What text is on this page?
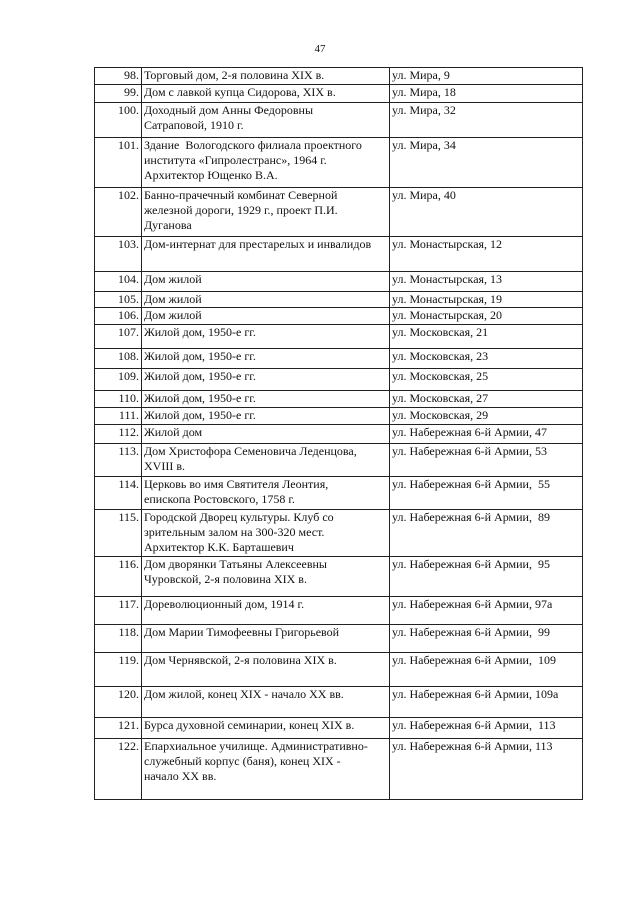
47
98.	Торговый дом, 2-я половина XIX в.	ул. Мира, 9
99.	Дом с лавкой купца Сидорова, XIX в.	ул. Мира, 18
100.	Доходный дом Анны Федоровны
Сатраповой, 1910 г.	ул. Мира, 32
101.	Здание  Вологодского филиала проектного
института «Гипролестранс», 1964 г.
Архитектор Ющенко В.А.	ул. Мира, 34
102.	Банно-прачечный комбинат Северной
железной дороги, 1929 г., проект П.И.
Дуганова	ул. Мира, 40
103.	Дом-интернат для престарелых и инвалидов	ул. Монастырская, 12
104.	Дом жилой	ул. Монастырская, 13
105.	Дом жилой	ул. Монастырская, 19
106.	Дом жилой	ул. Монастырская, 20
107.	Жилой дом, 1950-е гг.	ул. Московская, 21
108.	Жилой дом, 1950-е гг.	ул. Московская, 23
109.	Жилой дом, 1950-е гг.	ул. Московская, 25
110.	Жилой дом, 1950-е гг.	ул. Московская, 27
111.	Жилой дом, 1950-е гг.	ул. Московская, 29
112.	Жилой дом	ул. Набережная 6-й Армии, 47
113.	Дом Христофора Семеновича Леденцова,
XVIII в.	ул. Набережная 6-й Армии, 53
114.	Церковь во имя Святителя Леонтия,
епископа Ростовского, 1758 г.	ул. Набережная 6-й Армии,  55
115.	Городской Дворец культуры. Клуб со
зрительным залом на 300-320 мест.
Архитектор К.К. Барташевич	ул. Набережная 6-й Армии,  89
116.	Дом дворянки Татьяны Алексеевны
Чуровской, 2-я половина XIX в.	ул. Набережная 6-й Армии,  95
117.	Дореволюционный дом, 1914 г.	ул. Набережная 6-й Армии, 97а
118.	Дом Марии Тимофеевны Григорьевой	ул. Набережная 6-й Армии,  99
119.	Дом Чернявской, 2-я половина XIX в.	ул. Набережная 6-й Армии,  109
120.	Дом жилой, конец XIX - начало XX вв.	ул. Набережная 6-й Армии, 109а
121.	Бурса духовной семинарии, конец XIX в.	ул. Набережная 6-й Армии,  113
122.	Епархиальное училище. Административно-
служебный корпус (баня), конец XIX -
начало XX вв.	ул. Набережная 6-й Армии, 113
